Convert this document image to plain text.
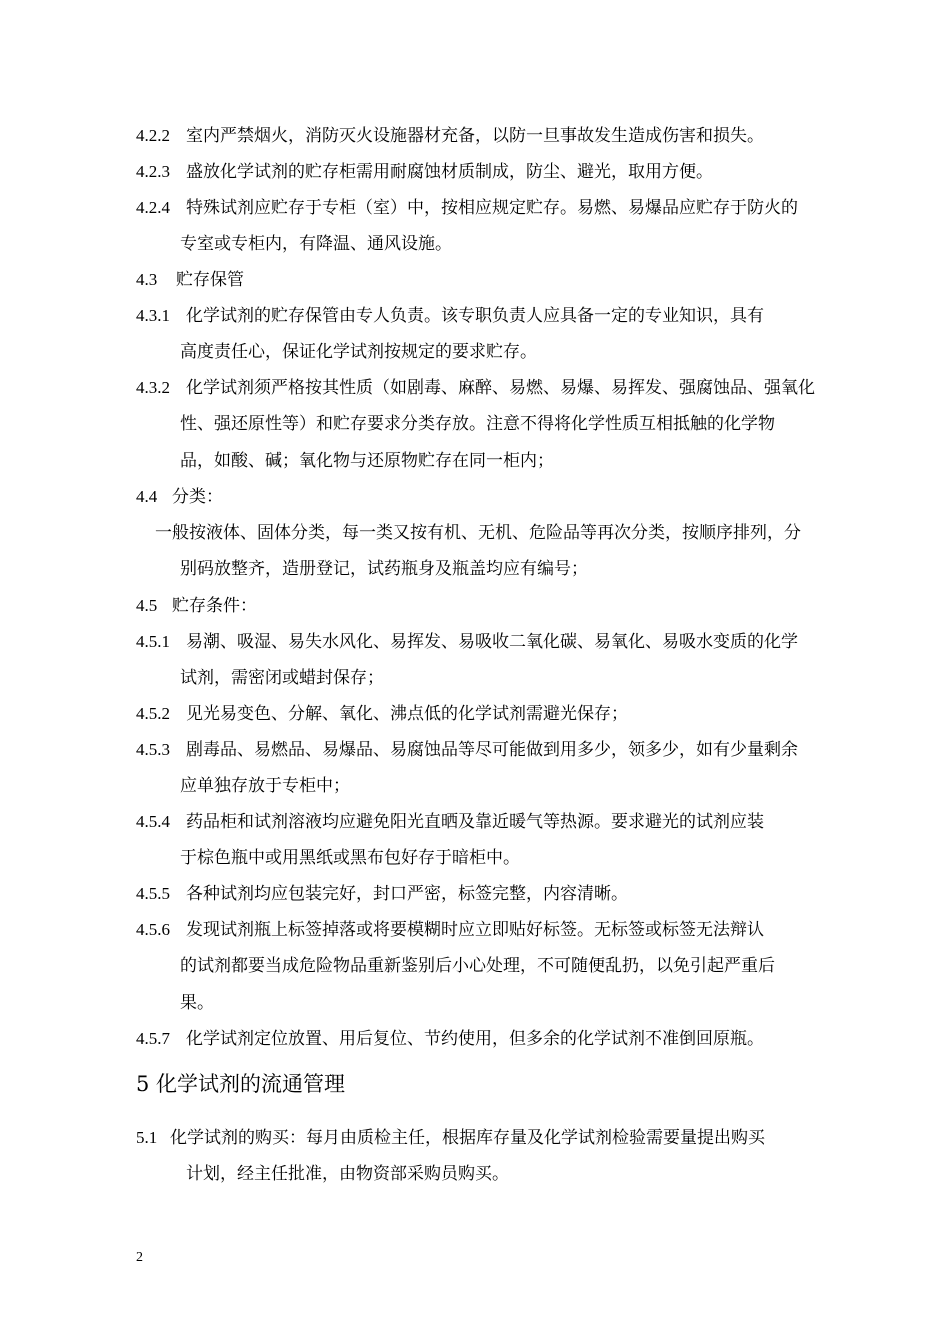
4.2.2 室内严禁烟火，消防灭火设施器材充备，以防一旦事故发生造成伤害和损失。
4.2.3 盛放化学试剂的贮存柜需用耐腐蚀材质制成，防尘、避光，取用方便。
4.2.4 特殊试剂应贮存于专柜（室）中，按相应规定贮存。易燃、易爆品应贮存于防火的
专室或专柜内，有降温、通风设施。
4.3 贮存保管
4.3.1 化学试剂的贮存保管由专人负责。该专职负责人应具备一定的专业知识，具有
高度责任心，保证化学试剂按规定的要求贮存。
4.3.2 化学试剂须严格按其性质（如剧毒、麻醉、易燃、易爆、易挥发、强腐蚀品、强氧化
性、强还原性等）和贮存要求分类存放。注意不得将化学性质互相抵触的化学物
品，如酸、碱；氧化物与还原物贮存在同一柜内；
4.4 分类：
一般按液体、固体分类，每一类又按有机、无机、危险品等再次分类，按顺序排列，分
别码放整齐，造册登记，试药瓶身及瓶盖均应有编号；
4.5 贮存条件：
4.5.1 易潮、吸湿、易失水风化、易挥发、易吸收二氧化碳、易氧化、易吸水变质的化学
试剂，需密闭或蜡封保存；
4.5.2 见光易变色、分解、氧化、沸点低的化学试剂需避光保存；
4.5.3 剧毒品、易燃品、易爆品、易腐蚀品等尽可能做到用多少，领多少，如有少量剩余
应单独存放于专柜中；
4.5.4 药品柜和试剂溶液均应避免阳光直晒及靠近暖气等热源。要求避光的试剂应装
于棕色瓶中或用黑纸或黑布包好存于暗柜中。
4.5.5 各种试剂均应包装完好，封口严密，标签完整，内容清晰。
4.5.6 发现试剂瓶上标签掉落或将要模糊时应立即贴好标签。无标签或标签无法辩认
的试剂都要当成危险物品重新鉴别后小心处理，不可随便乱扔，以免引起严重后
果。
4.5.7 化学试剂定位放置、用后复位、节约使用，但多余的化学试剂不准倒回原瓶。
5 化学试剂的流通管理
5.1 化学试剂的购买：每月由质检主任，根据库存量及化学试剂检验需要量提出购买
计划，经主任批准，由物资部采购员购买。
2
